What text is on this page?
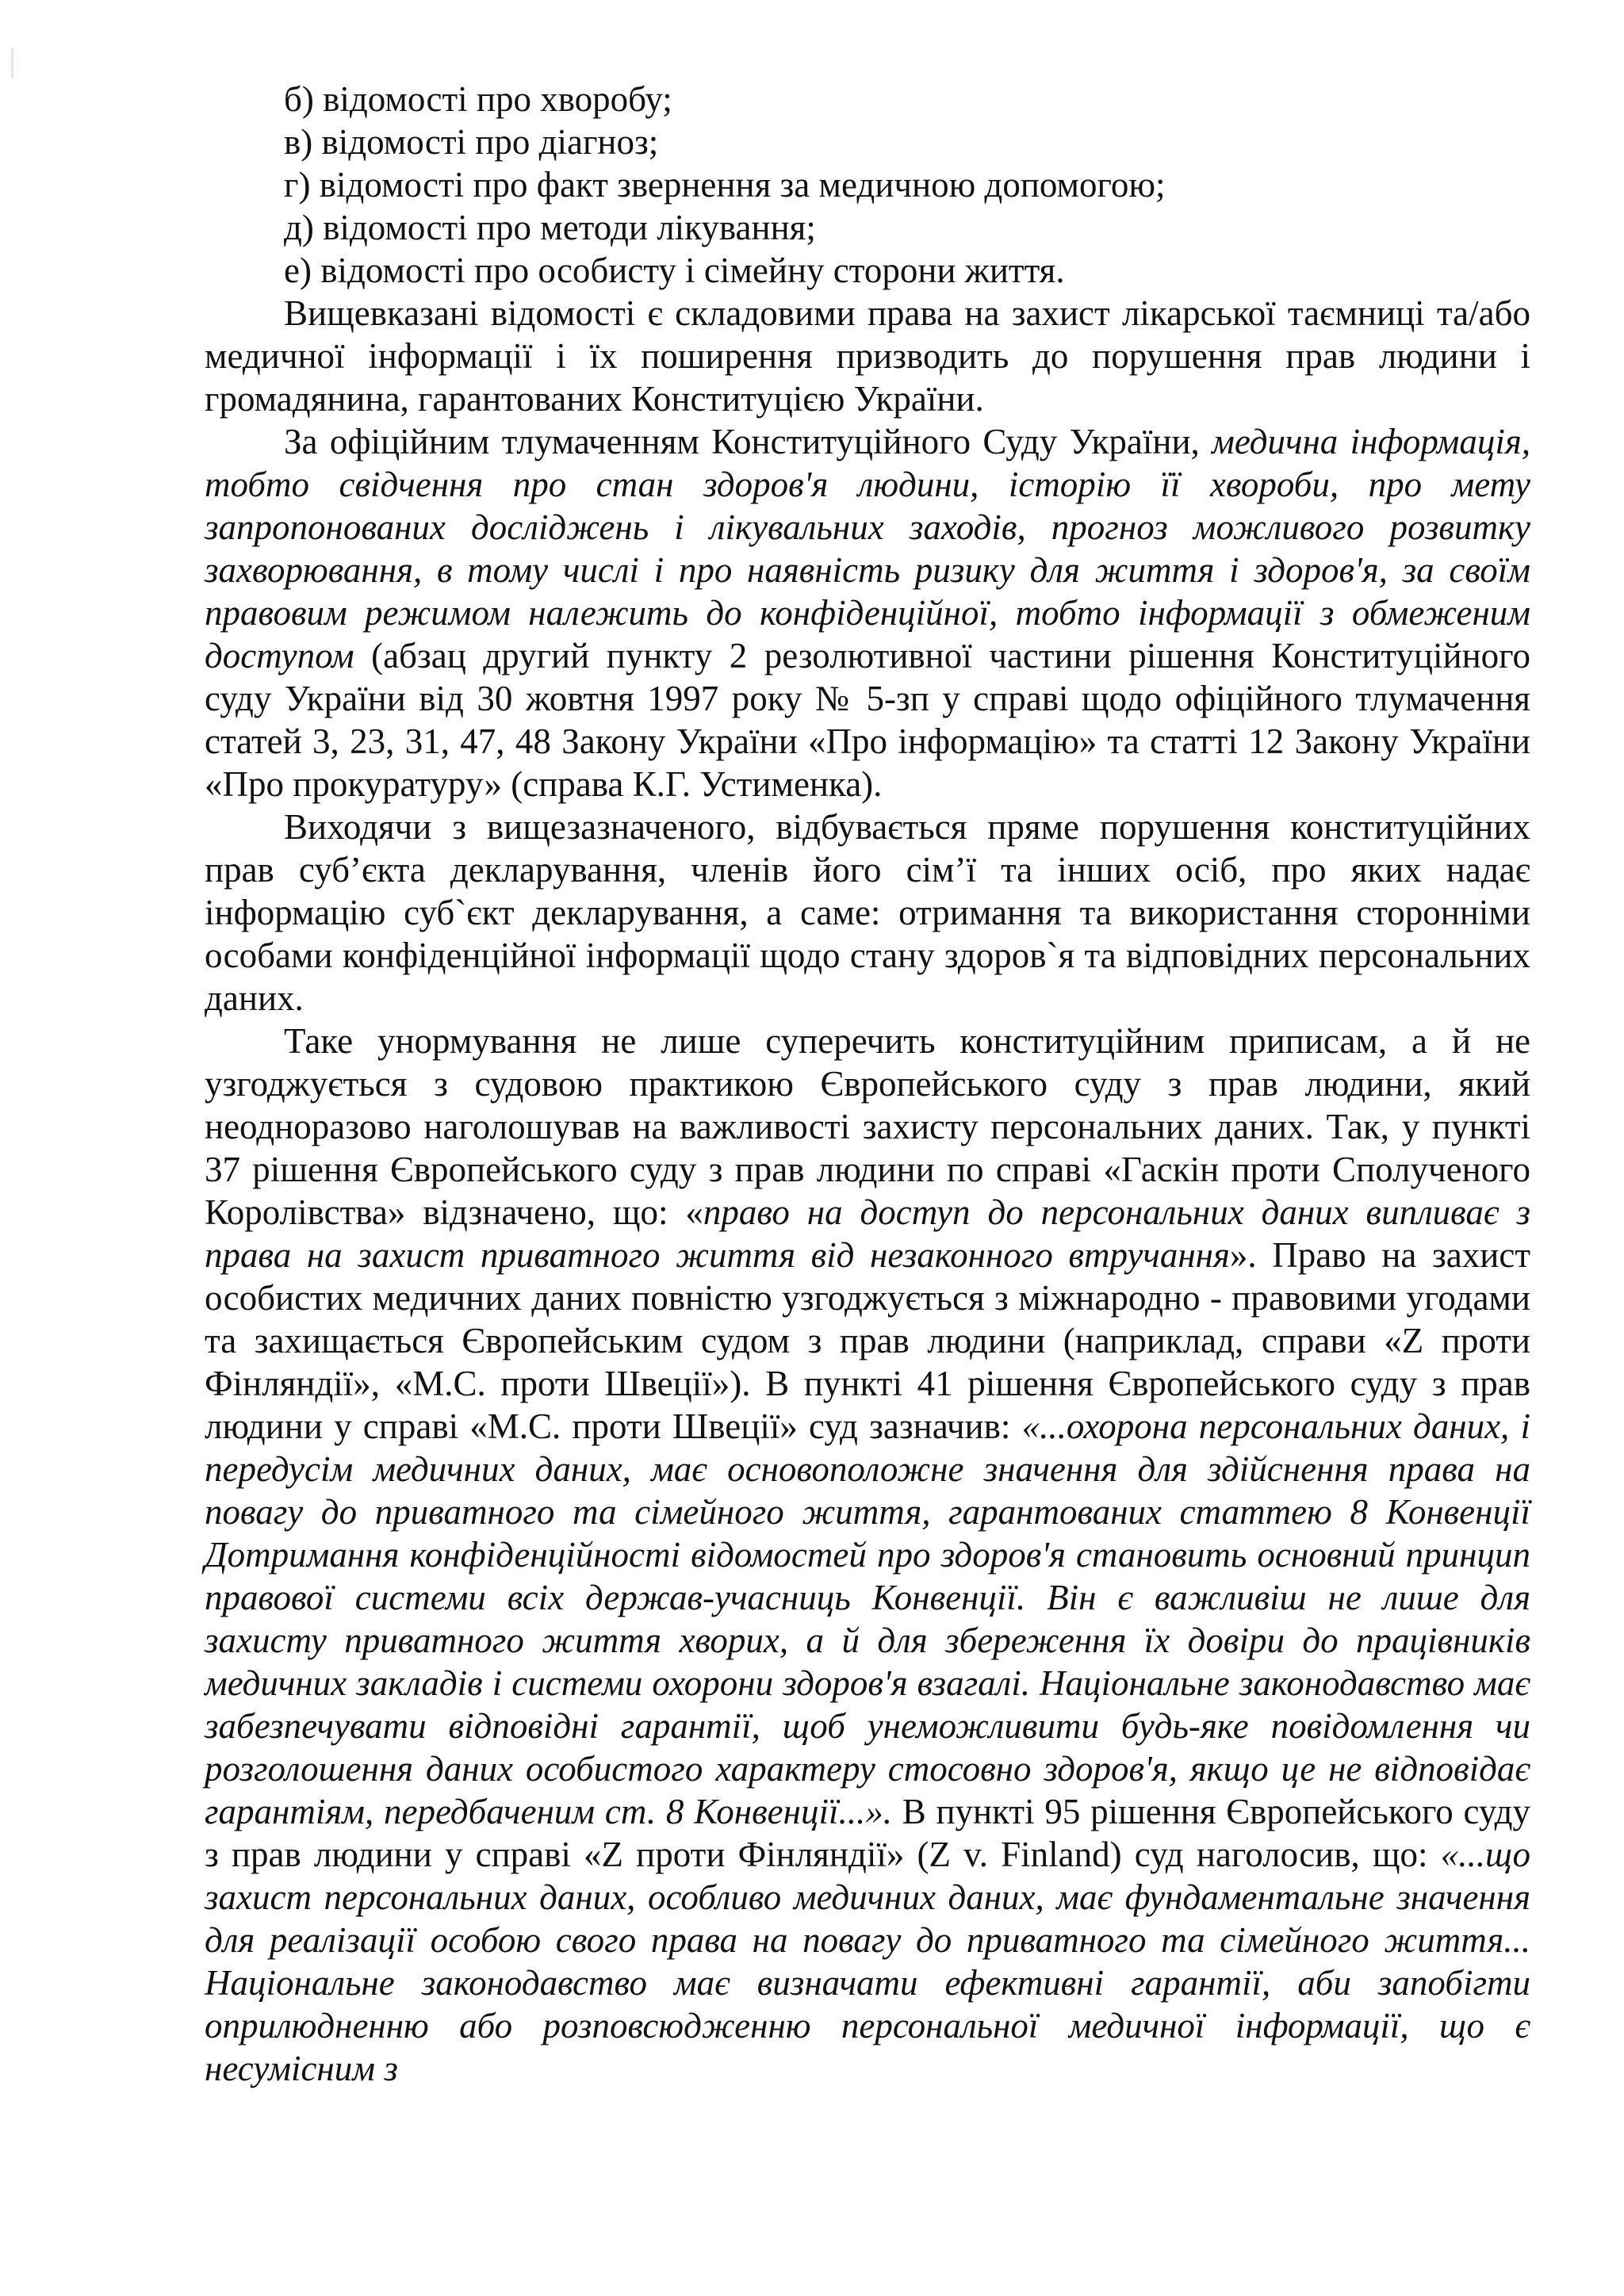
б) відомості про хворобу;
в) відомості про діагноз;
г) відомості про факт звернення за медичною допомогою;
д) відомості про методи лікування;
е) відомості про особисту і сімейну сторони життя.

Вищевказані відомості є складовими права на захист лікарської таємниці та/або медичної інформації і їх поширення призводить до порушення прав людини і громадянина, гарантованих Конституцією України.

За офіційним тлумаченням Конституційного Суду України, медична інформація, тобто свідчення про стан здоров'я людини, історію її хвороби, про мету запропонованих досліджень і лікувальних заходів, прогноз можливого розвитку захворювання, в тому числі і про наявність ризику для життя і здоров'я, за своїм правовим режимом належить до конфіденційної, тобто інформації з обмеженим доступом (абзац другий пункту 2 резолютивної частини рішення Конституційного суду України від 30 жовтня 1997 року № 5-зп у справі щодо офіційного тлумачення статей 3, 23, 31, 47, 48 Закону України «Про інформацію» та статті 12 Закону України «Про прокуратуру» (справа К.Г. Устименка).

Виходячи з вищезазначеного, відбувається пряме порушення конституційних прав суб’єкта декларування, членів його сім’ї та інших осіб, про яких надає інформацію суб`єкт декларування, а саме: отримання та використання сторонніми особами конфіденційної інформації щодо стану здоров`я та відповідних персональних даних.

Таке унормування не лише суперечить конституційним приписам, а й не узгоджується з судовою практикою Європейського суду з прав людини, який неодноразово наголошував на важливості захисту персональних даних. Так, у пункті 37 рішення Європейського суду з прав людини по справі «Гаскін проти Сполученого Королівства» відзначено, що: «право на доступ до персональних даних випливає з права на захист приватного життя від незаконного втручання». Право на захист особистих медичних даних повністю узгоджується з міжнародно - правовими угодами та захищається Європейським судом з прав людини (наприклад, справи «Z проти Фінляндії», «M.C. проти Швеції»). В пункті 41 рішення Європейського суду з прав людини у справі «M.C. проти Швеції» суд зазначив: «...охорона персональних даних, і передусім медичних даних, має основоположне значення для здійснення права на повагу до приватного та сімейного життя, гарантованих статтею 8 Конвенції Дотримання конфіденційності відомостей про здоров'я становить основний принцип правової системи всіх держав-учасниць Конвенції. Він є важливіш не лише для захисту приватного життя хворих, а й для збереження їх довіри до працівників медичних закладів і системи охорони здоров'я взагалі. Національне законодавство має забезпечувати відповідні гарантії, щоб унеможливити будь-яке повідомлення чи розголошення даних особистого характеру стосовно здоров'я, якщо це не відповідає гарантіям, передбаченим ст. 8 Конвенції...». В пункті 95 рішення Європейського суду з прав людини у справі «Z проти Фінляндії» (Z v. Finland) суд наголосив, що: «...що захист персональних даних, особливо медичних даних, має фундаментальне значення для реалізації особою свого права на повагу до приватного та сімейного життя... Національне законодавство має визначати ефективні гарантії, аби запобігти оприлюдненню або розповсюдженню персональної медичної інформації, що є несумісним з
